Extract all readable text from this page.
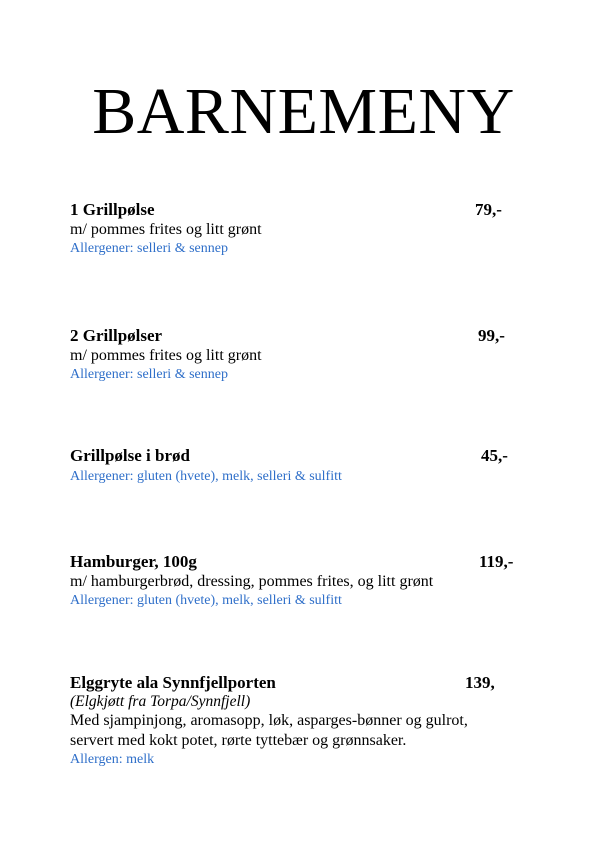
BARNEMENY
1 Grillpølse	79,-
m/ pommes frites og litt grønt
Allergener: selleri & sennep
2 Grillpølser	99,-
m/ pommes frites og litt grønt
Allergener: selleri & sennep
Grillpølse i brød	45,-
Allergener: gluten (hvete), melk, selleri & sulfitt
Hamburger, 100g	119,-
m/ hamburgerbrød, dressing, pommes frites, og litt grønt
Allergener: gluten (hvete), melk, selleri & sulfitt
Elggryte ala Synnfjellporten	139,
(Elgkjøtt fra Torpa/Synnfjell)
Med sjampinjong, aromasopp, løk, asparges-bønner og gulrot,
servert med kokt potet, rørte tyttebær og grønnsaker.
Allergen: melk
